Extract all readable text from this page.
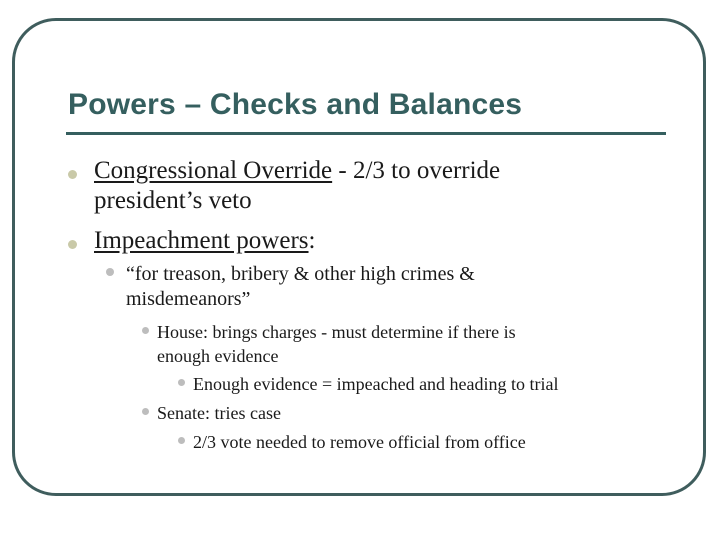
Powers – Checks and Balances
Congressional Override - 2/3 to override
president’s veto
Impeachment powers:
“for treason, bribery & other high crimes &
misdemeanors”
House: brings charges - must determine if there is
enough evidence
Enough evidence = impeached and heading to trial
Senate: tries case
2/3 vote needed to remove official from office
